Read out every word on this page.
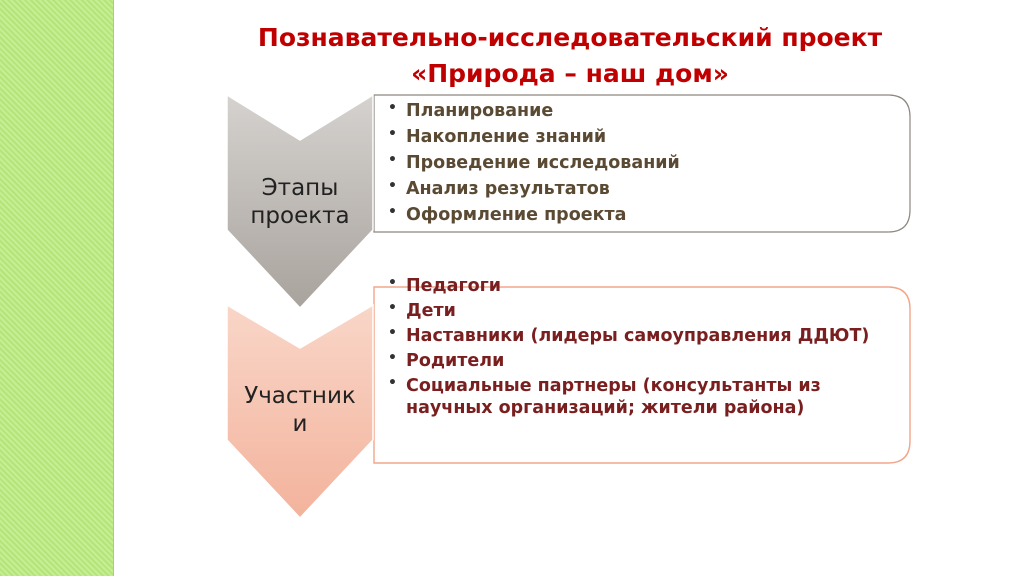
Познавательно-исследовательский проект
«Природа – наш дом»
Этапы проекта
Участник
и
• Планирование
• Накопление знаний
• Проведение исследований
• Анализ результатов
• Оформление проекта
• Педагоги
• Дети
• Наставники (лидеры самоуправления ДДЮТ)
• Родители
• Социальные партнеры (консультанты из научных организаций; жители района)
